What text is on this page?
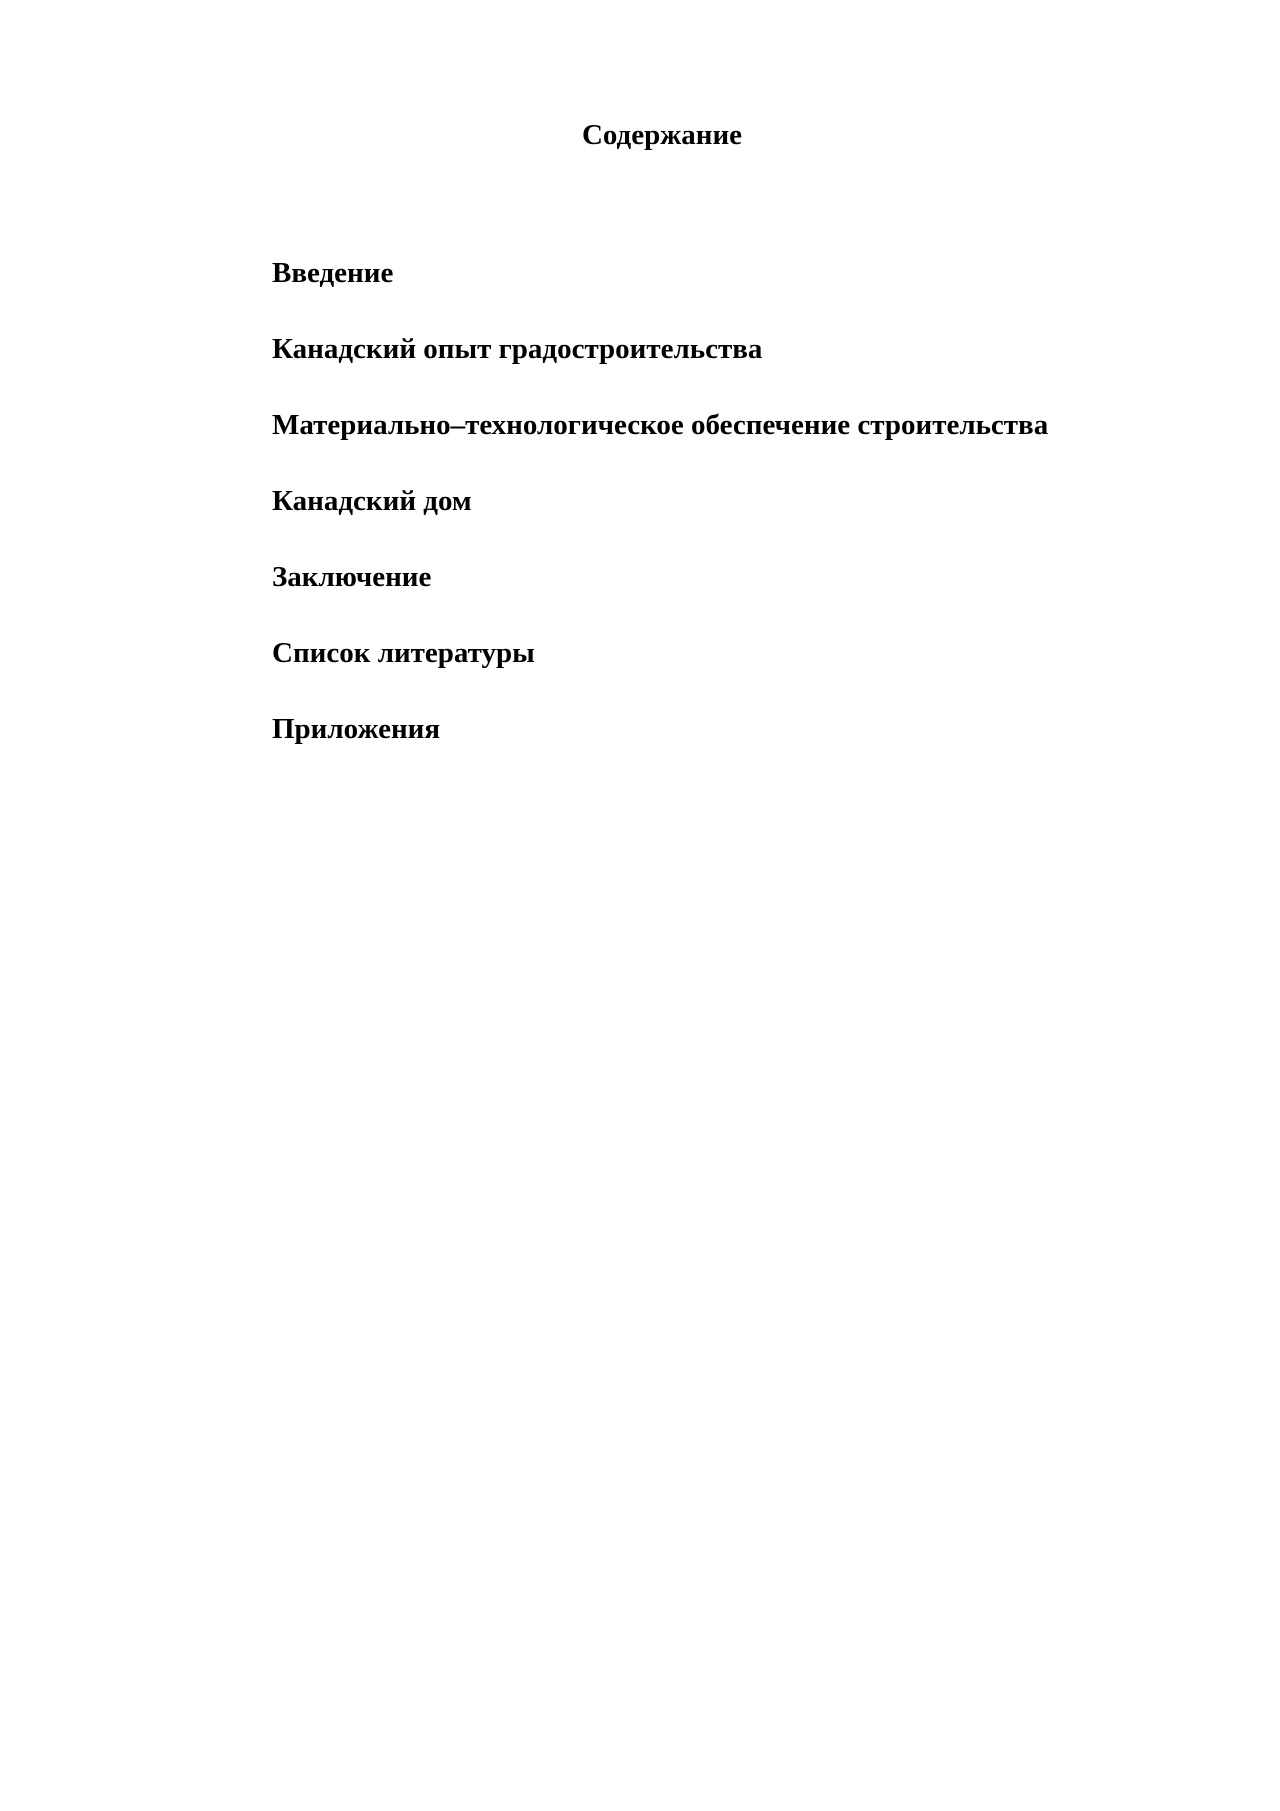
Содержание
Введение
Канадский опыт градостроительства
Материально–технологическое обеспечение строительства
Канадский дом
Заключение
Список литературы
Приложения
